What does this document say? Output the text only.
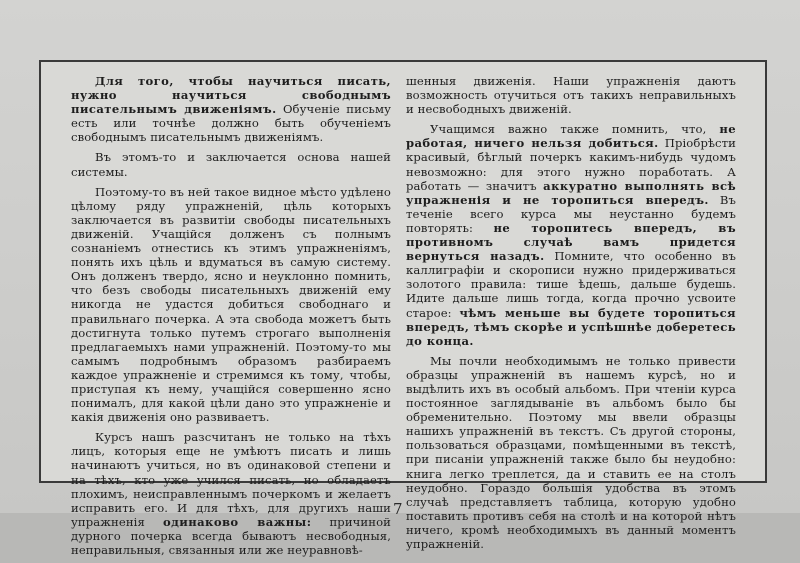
Для того, чтобы научиться писать, нужно научиться свободнымъ писательнымъ движеніямъ. Обученіе письму есть или точнѣе должно быть обученіемъ свободнымъ писательнымъ движеніямъ.

Въ этомъ-то и заключается основа нашей системы.

Поэтому-то въ ней такое видное мѣсто удѣлено цѣлому ряду упражненій, цѣль которыхъ заключается въ развитіи свободы писательныхъ движеній. Учащійся долженъ съ полнымъ сознаніемъ отнестись къ этимъ упражненіямъ, понять ихъ цѣль и вдуматься въ самую систему. Онъ долженъ твердо, ясно и неуклонно помнить, что безъ свободы писательныхъ движеній ему никогда не удастся добиться свободнаго и правильнаго почерка. А эта свобода можетъ быть достигнута только путемъ строгаго выполненія предлагаемыхъ нами упражненій. Поэтому-то мы самымъ подробнымъ образомъ разбираемъ каждое упражненіе и стремимся къ тому, чтобы, приступая къ нему, учащійся совершенно ясно понималъ, для какой цѣли дано это упражненіе и какія движенія оно развиваетъ.

Курсъ нашъ разсчитанъ не только на тѣхъ лицъ, которыя еще не умѣютъ писать и лишь начинаютъ учиться, но въ одинаковой степени и на тѣхъ, кто уже учился писать, но обладаетъ плохимъ, неисправленнымъ почеркомъ и желаетъ исправить его. И для тѣхъ, для другихъ наши упражненія одинаково важны: причиной дурного почерка всегда бываютъ несвободныя, неправильныя, связанныя или же неуравновѣ-

шенныя движенія. Наши упражненія даютъ возможность отучиться отъ такихъ неправильныхъ и несвободныхъ движеній.

Учащимся важно также помнить, что, не работая, ничего нельзя добиться. Пріобрѣсти красивый, бѣглый почеркъ какимъ-нибудь чудомъ невозможно: для этого нужно поработать. А работать — значитъ аккуратно выполнять всѣ упражненія и не торопиться впередъ. Въ теченіе всего курса мы неустанно будемъ повторять: не торопитесь впередъ, въ противномъ случаѣ вамъ придется вернуться назадъ. Помните, что особенно въ каллиграфіи и скорописи нужно придерживаться золотого правила: тише ѣдешь, дальше будешь. Идите дальше лишь тогда, когда прочно усвоите старое: чѣмъ меньше вы будете торопиться впередъ, тѣмъ скорѣе и успѣшнѣе доберетесь до конца.

Мы почли необходимымъ не только привести образцы упражненій въ нашемъ курсѣ, но и выдѣлить ихъ въ особый альбомъ. При чтеніи курса постоянное заглядываніе въ альбомъ было бы обременительно. Поэтому мы ввели образцы нашихъ упражненій въ текстъ. Съ другой стороны, пользоваться образцами, помѣщенными въ текстѣ, при писаніи упражненій также было бы неудобно: книга легко треплется, да и ставить ее на столъ неудобно. Гораздо большія удобства въ этомъ случаѣ представляетъ таблица, которую удобно поставить противъ себя на столѣ и на которой нѣтъ ничего, кромѣ необходимыхъ въ данный моментъ упражненій.

7
